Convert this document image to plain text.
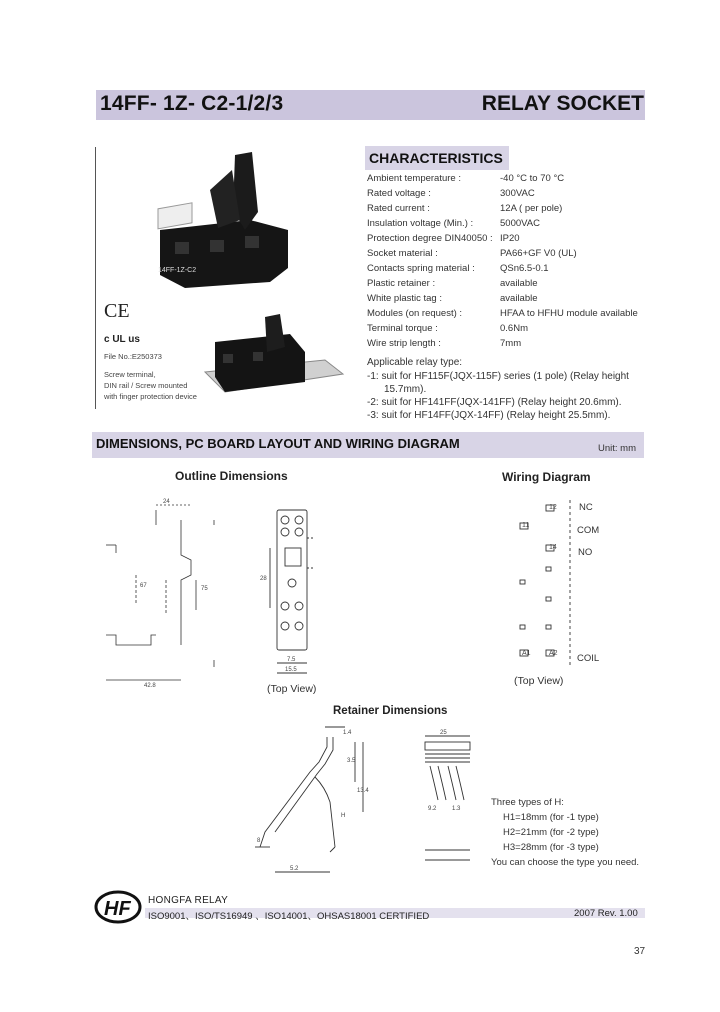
14FF- 1Z- C2-1/2/3	RELAY SOCKET
14FF-1Z-C2
CE
c UL us
File No.:E250373
Screw terminal,
DIN rail / Screw mounted
with finger protection device
CHARACTERISTICS
Ambient temperature :	-40 °C to 70 °C
Rated voltage :	300VAC
Rated current :	12A ( per pole)
Insulation voltage (Min.) :	5000VAC
Protection degree DIN40050 : IP20
Socket material :	PA66+GF V0 (UL)
Contacts spring material :	QSn6.5-0.1
Plastic retainer :	available
White plastic tag :	available
Modules (on request) :	HFAA to HFHU module available
Terminal torque :	0.6Nm
Wire strip length :	7mm
Applicable relay type:
-1: suit for HF115F(JQX-115F) series (1 pole) (Relay height
15.7mm).
-2: suit for HF141FF(JQX-141FF) (Relay height 20.6mm).
-3: suit for HF14FF(JQX-14FF) (Relay height 25.5mm).
DIMENSIONS, PC BOARD LAYOUT AND WIRING DIAGRAM	Unit: mm
Outline Dimensions	Wiring Diagram
24
75
67
42.8
28
7.5
15.5
(Top View)
NC
COM
NO
COIL
12
11
14
A1	A2
(Top View)
Retainer Dimensions
1.4
3.5
13.4
H
8
5.2
25
9.2	1.3
Three types of H:
H1=18mm (for -1 type)
H2=21mm (for -2 type)
H3=28mm (for -3 type)
You can choose the type you need.
HF HONGFA RELAY
ISO9001、ISO/TS16949 、ISO14001、OHSAS18001 CERTIFIED	2007 Rev. 1.00
37
